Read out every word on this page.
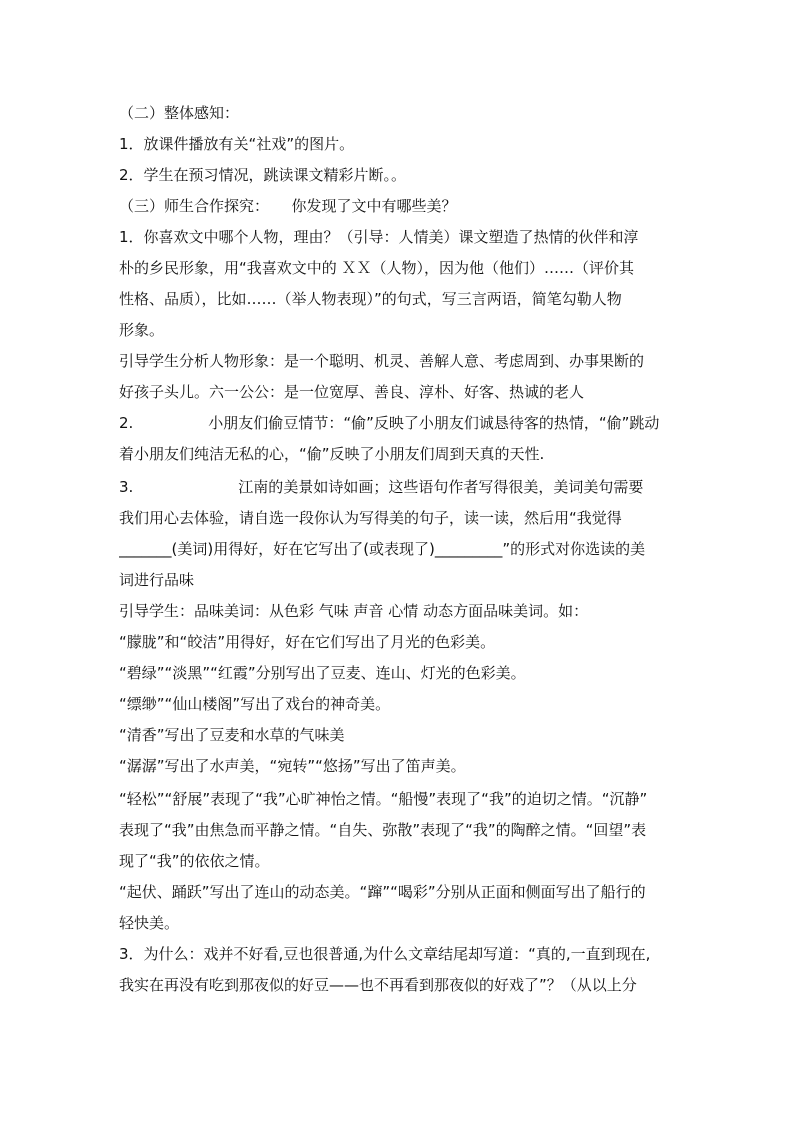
（二）整体感知：
1．放课件播放有关“社戏”的图片。
2．学生在预习情况，跳读课文精彩片断。。
（三）师生合作探究：　　你发现了文中有哪些美？
1．你喜欢文中哪个人物，理由？（引导：人情美）课文塑造了热情的伙伴和淳
朴的乡民形象，用“我喜欢文中的 ＸＸ（人物），因为他（他们）……（评价其
性格、品质），比如……（举人物表现）”的句式，写三言两语，简笔勾勒人物
形象。
引导学生分析人物形象：是一个聪明、机灵、善解人意、考虑周到、办事果断的
好孩子头儿。六一公公：是一位宽厚、善良、淳朴、好客、热诚的老人
2.　　　　　小朋友们偷豆情节：“偷”反映了小朋友们诚恳待客的热情，“偷”跳动
着小朋友们纯洁无私的心，“偷”反映了小朋友们周到天真的天性.
3.　　　　　　　江南的美景如诗如画；这些语句作者写得很美，美词美句需要
我们用心去体验，请自选一段你认为写得美的句子，读一读，然后用“我觉得
_______(美词)用得好，好在它写出了(或表现了)_________”的形式对你选读的美
词进行品味
引导学生：品味美词：从色彩 气味 声音 心情 动态方面品味美词。如：
“朦胧”和“皎洁”用得好，好在它们写出了月光的色彩美。
“碧绿”“淡黑”“红霞”分别写出了豆麦、连山、灯光的色彩美。
“缥缈”“仙山楼阁”写出了戏台的神奇美。
“清香”写出了豆麦和水草的气味美
“潺潺”写出了水声美，“宛转”“悠扬”写出了笛声美。
“轻松”“舒展”表现了“我”心旷神怡之情。“船慢”表现了“我”的迫切之情。“沉静”
表现了“我”由焦急而平静之情。“自失、弥散”表现了“我”的陶醉之情。“回望”表
现了“我”的依依之情。
“起伏、踊跃”写出了连山的动态美。“蹿”“喝彩”分别从正面和侧面写出了船行的
轻快美。
3．为什么：戏并不好看,豆也很普通,为什么文章结尾却写道：“真的,一直到现在,
我实在再没有吃到那夜似的好豆——也不再看到那夜似的好戏了”？（从以上分
